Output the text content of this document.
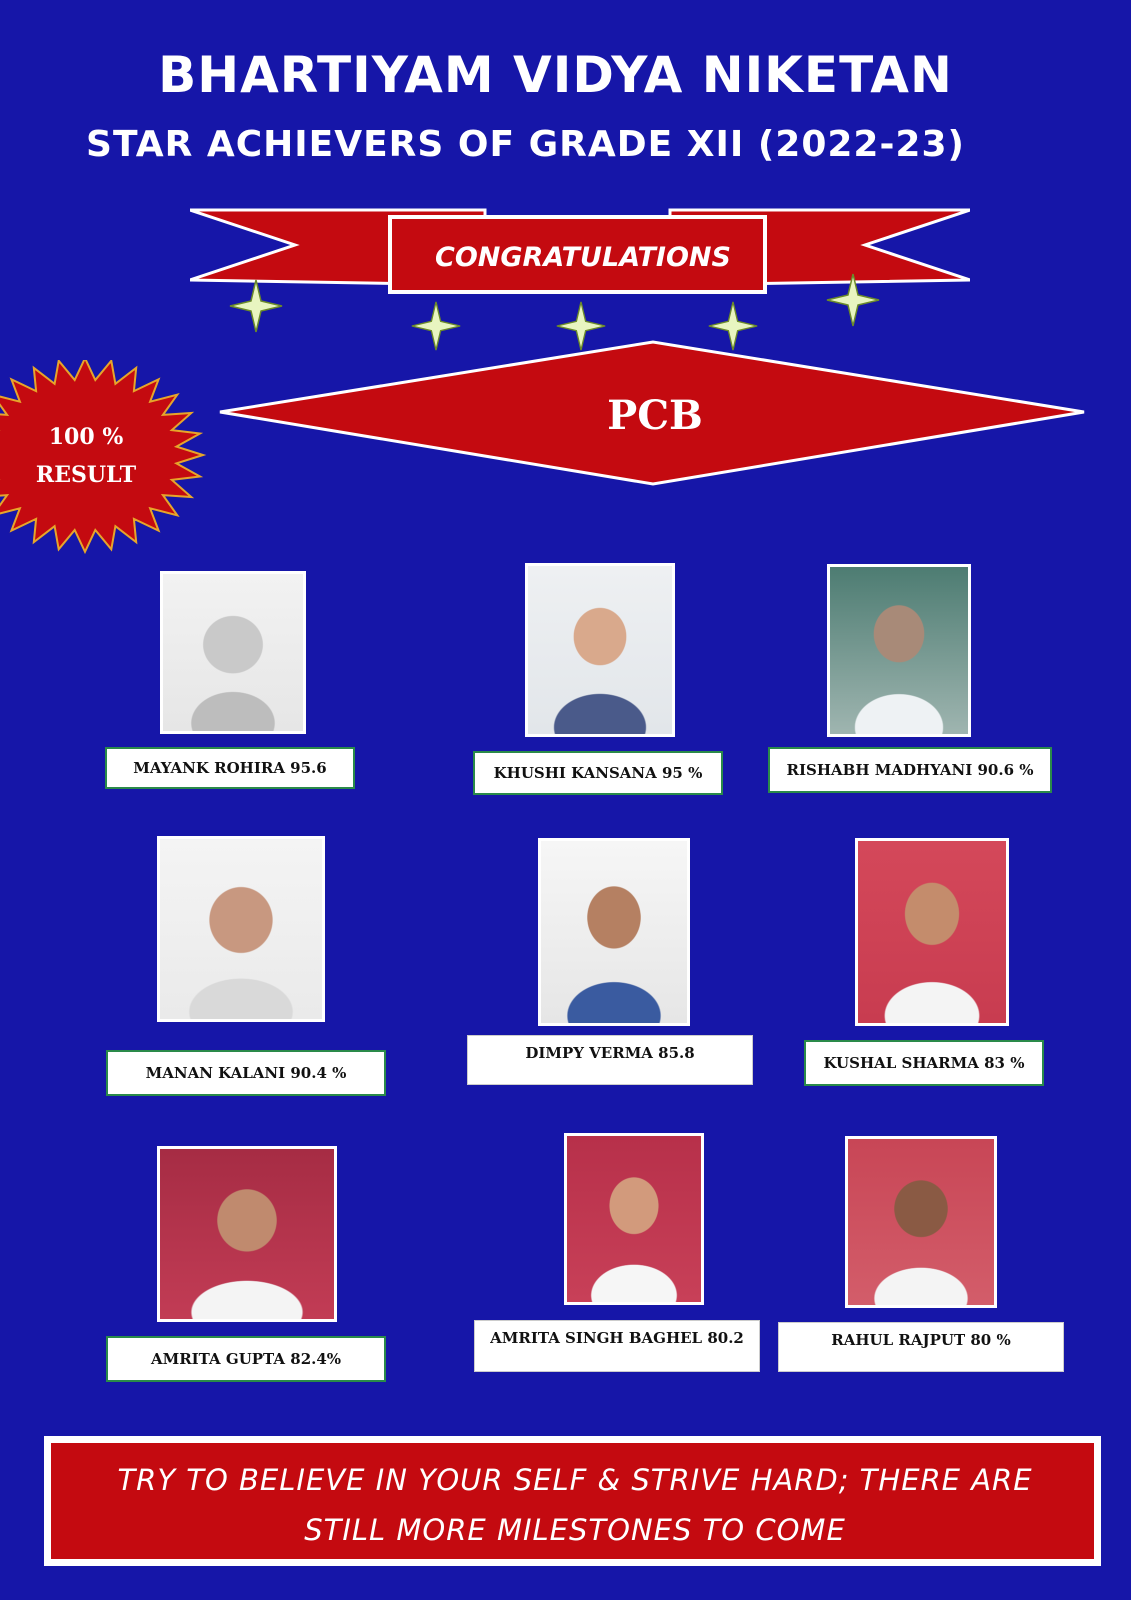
BHARTIYAM VIDYA NIKETAN
STAR ACHIEVERS OF GRADE XII (2022-23)
CONGRATULATIONS
PCB
100 %
RESULT
MAYANK ROHIRA 95.6	KHUSHI KANSANA 95 %	RISHABH MADHYANI 90.6 %
MANAN KALANI 90.4 %
DIMPY VERMA 85.8
KUSHAL SHARMA 83 %
AMRITA GUPTA 82.4%
AMRITA SINGH BAGHEL 80.2	RAHUL RAJPUT 80 %
TRY TO BELIEVE IN YOUR SELF & STRIVE HARD; THERE ARE
STILL MORE MILESTONES TO COME
